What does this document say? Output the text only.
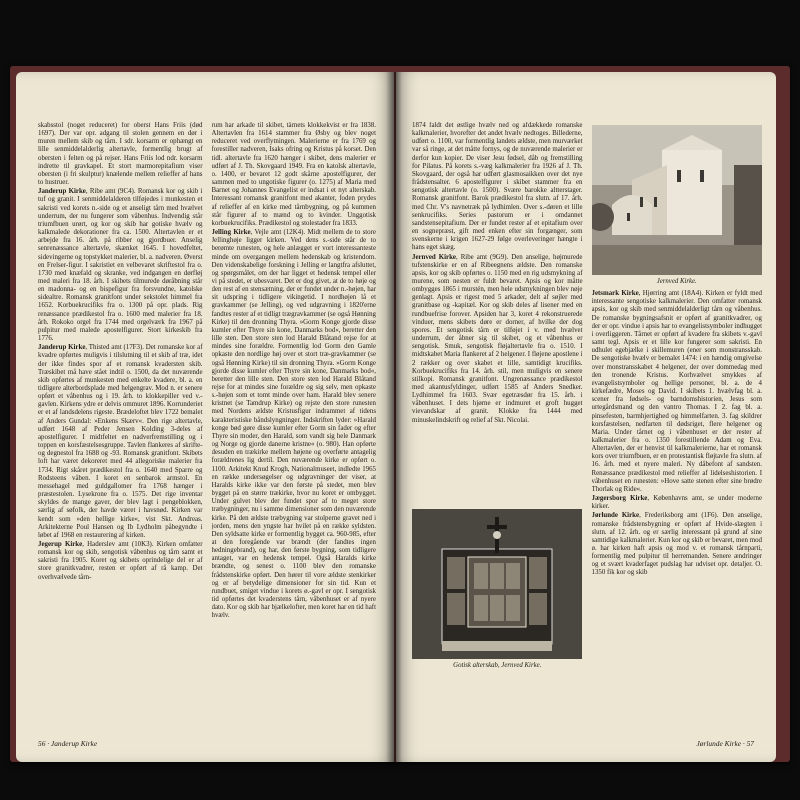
skabsstol (noget reduceret) for oberst Hans Friis (død 1697). Der var opr. adgang til stolen gennem en dør i muren mellem skib og tårn. I sdr. korsarm er ophængt en lille senmiddelalderlig altertavle, formentlig brugt af obersten i felten og på rejser. Hans Friis lod ndr. korsarm indrette til gravkapel. Et stort marmorepitafium viser obersten (i fri skulptur) knælende mellem relieffer af hans to hustruer.

Janderup Kirke, Ribe amt (9C4). Romansk kor og skib i tuf og granit. I senmiddelalderen tilføjedes i munkesten et sakristi ved korets n.-side og et anseligt tårn med hvælvet underrum, der nu fungerer som våbenhus. Indvendig står triumfbuen urørt, og kor og skib har gotiske hvælv og kalkmalede dekorationer fra ca. 1500. Altertavlen er et arbejde fra 16. årh. på ribber og gjordbuer. Anselig senrenæssance altertavle, skænket 1645. I hovedfeltet, sidevingerne og topstykket malerier, bl. a. nadveren. Øverst en Frelser-figur. I sakristiet en velbevaret skriftestol fra o. 1730 med knæfald og skranke, ved indgangen en dørfløj med maleri fra 18. årh. I skibets tilmurede døråbning står en madonna- og en bispefigur fra forsvundne, katolske sidealtre. Romansk granitfont under sekstolet himmel fra 1652. Korbuekrucifiks fra o. 1300 på opr. plads. Rig renæssance prædikestol fra o. 1600 med malerier fra 18. årh. Rokoko orgel fra 1744 med orgelværk fra 1967 på pulpitur med malede apostelfigurer. Stort kirkeskib fra 1776.

Janderup Kirke, Thisted amt (17F3). Det romanske kor af kvadre opførtes muligvis i tilslutning til et skib af træ, idet der ikke findes spor af et romansk kvadersten skib. Træskibet må have stået indtil o. 1500, da det nuværende skib opførtes af munkesten med enkelte kvadere, bl. a. en tidligere alterbordsplade med helgengrav. Mod n. er senere opført et våbenhus og i 19. årh. to klokkepiller ved v.-gavlen. Kirkens ydre er delvis ommuret 1896. Korrunderiet er et af landsdelens rigeste. Brædeloftet blev 1722 bemalet af Anders Gundal: »Enkens Skærv«. Den rige altertavle, udført 1648 af Peder Jensen Kolding 3-deles af apostelfigurer. I midtfeltet en nadverfremstilling og i toppen en korsfæstelsesgruppe. Tavlen flankeres af skrifte- og degnestol fra 1688 og -93. Romansk granitfont. Skibets loft har været dekoreret med 44 allegoriske malerier fra 1734. Rigt skåret prædikestol fra o. 1640 med Sparre og Rodsteens våben. I koret en senbarok armstol. En messehagel med guldgallomer fra 1768 hænger i præstestolen. Lysekrone fra o. 1575. Det rige inventar skyldes de mange gaver, der blev lagt i pengeblokken, særlig af søfolk, der havde været i havsnød. Kirken var kendt som »den hellige kirke«, vist Skt. Andreas. Arkitekterne Poul Hansen og Ib Lydholm påbegyndte i løbet af 1968 en restaurering af kirken.

Jegerup Kirke, Haderslev amt (10K3). Kirken omfatter romansk kor og skib, sengotisk våbenhus og tårn samt et sakristi fra 1905. Koret og skibets oprindelige del er af store granitkvadrer, resten er opført af rå kamp. Det overhvælvede tårn-

rum har arkade til skibet, tårnets klokkekvist er fra 1838. Altertavlen fra 1614 stammer fra Øsby og blev noget reduceret ved overflytningen. Malerierne er fra 1769 og forestiller nadveren, Isaks ofring og Kristus på korset. Den tidl. altertavle fra 1620 hænger i skibet, dens malerier er udført af J. Th. Skovgaard 1949. Fra en katolsk altertavle, o. 1400, er bevaret 12 godt skårne apostelfigurer, der sammen med to ungotiske figurer (o. 1275) af Maria med Barnet og Johannes Evangelist er indsat i et nyt alterskab. Interessant romansk granitfont med akanter, foden prydes af relieffer af en kirke med tårnbygning, og på kummen står figurer af to mænd og to kvinder. Unggotisk korbuekrucifiks. Prædikestol og stolestader fra 1833.

Jelling Kirke, Vejle amt (12K4). Midt mellem de to store Jellinghøje ligger kirken. Ved dens s.-side står de to berømte runesten, og hele anlægget er vort interessanteste minde om overgangen mellem hedenskab og kristendom. Den videnskabelige forskning i Jelling er langtfra afsluttet, og spørgsmålet, om der har ligget et hedensk tempel eller vi på stedet, er ubesvaret. Det er dog givet, at de to høje og den rest af en stensætning, der er fundet under n.-højen, har sit udspring i tidligere vikingetid. I nordhøjen lå et gravkammer (se Jelling), og ved udgravning i 1820'erne fandtes rester af et tidligt trægravkammer (se også Hønning Kirke) til den dronning Thyra. »Gorm Konge gjorde disse kumler efter Thyre sin kone, Danmarks bod«, beretter den lille sten. Den store sten lod Harald Blåtand rejse for at mindes sine forældre. Formentlig lod Gorm den Gamle opkaste den nordlige høj over et stort træ-gravkammer (se også Hønning Kirke) til sin dronning Thyra. »Gorm Konge gjorde disse kumler efter Thyre sin kone, Danmarks bod«, beretter den lille sten. Den store sten lod Harald Blåtand rejse for at mindes sine forældre og sig selv, men opkaste s.-højen som et tomt minde over ham. Harald blev senere kristnet (se Tamdrup Kirke) og rejste den store runesten med Nordens ældste Kristusfigur indrammet af tidens karakteristiske båndslyngninger. Indskriften lyder: »Harald konge bød gøre disse kumler efter Gorm sin fader og efter Thyre sin moder, den Harald, som vandt sig hele Danmark og Norge og gjorde danerne kristne« (o. 980). Han opførte desuden en trækirke mellem højene og overførte antagelig forældrenes lig dertil. Den nuværende kirke er opført o. 1100. Arkitekt Knud Krogh, Nationalmuseet, indledte 1965 en række undersøgelser og udgravninger der viser, at Haralds kirke ikke var den første på stedet, men blev bygget på en større trækirke, hvor nu koret er ombygget. Under gulvet blev der fundet spor af to meget store træbygninger, nu i samme dimensioner som den nuværende kirke. På den ældste træbygning var stolperne gravet ned i jorden, mens den yngste har hvilet på en række syldsten. Den syldsatte kirke er formentlig bygget ca. 960-985, efter at den foregående var brændt (der fandtes ingen hedningebrand), og har, den første bygning, som tidligere antaget, var en hedensk tempel. Også Haralds kirke brændte, og senest o. 1100 blev den romanske frådstenskirke opført. Den hører til vore ældste stenkirker og er af betydelige dimensioner for sin tid. Kun et rundbuet, smiget vindue i korets ø.-gavl er opr. I sengotisk tid opførtes det kvaderstens tårn, våbenhuset er af nyere dato. Kor og skib har bjælkelofter, men koret har en tid haft hvælv.

56 · Janderup Kirke

1874 faldt det østlige hvælv ned og afdækkede romanske kalkmalerier, hvorefter det andet hvælv nedtoges. Billederne, udført o. 1100, var formentlig landets ældste, men murværket var så ringe, at det måtte fornys, og de nuværende malerier er derfor kun kopier. De viser Jesu fødsel, dåb og fremstilling for Pilatus. På korets s.-væg kalkmalerier fra 1926 af J. Th. Skovgaard, der også har udført glasmosaikken over det nye frådstensalter. 6 apostelfigurer i skibet stammer fra en sengotisk altertavle (o. 1500). Svære barokke altterstager. Romansk granitfont. Barok prædikestol fra slutn. af 17. årh. med Chr. V's navnetræk på lydhimlen. Over s.-døren et lille senkrucifiks. Series pastorum er i omdannet sandstensepitafium. Der er fundet rester af et epitafium over en sognepræst, gift med enken efter sin forgænger, som svenskerne i krigen 1627-29 følge overleveringer hængte i hans eget skæg.

Jernved Kirke, Ribe amt (9G9). Den anselige, højmurede tufstenskirke er en af Ribeegnens ældste. Den romanske apsis, kor og skib opførtes o. 1150 med en rig udsmykning af murene, som nesten er fuldt bevaret. Apsis og kor måtte ombygges 1865 i murstén, men hele udsmykningen blev nøje genlagt. Apsis er rigest med 5 arkader, delt af søjler med granitbase og -kapitæl. Kor og skib deles af lisener med en rundbuefrise forover. Apsiden har 3, koret 4 rekonstruerede vinduer, mens skibets døre er dorner, af hvilke der dog spores. Et sengotisk tårn er tilføjet i v. med hvælvet underrum, der åbner sig til skibet, og et våbenhus er sengotisk. Smuk, sengotisk fløjaltertavle fra o. 1510. I midtskabet Maria flankeret af 2 helgener. I fløjene apostlene i 2 rækker og over skabet et lille, samtidigt krucifiks. Korbuekrucifiks fra 14. årh. stil, men muligvis en senere stilkopi. Romansk granitfont. Ungrenæssance prædikestol med akantusfyldinger, udført 1585 af Anders Snedker. Lydhimmel fra 1603. Svær egetræsdør fra 15. årh. i våbenhuset. I dets hjørne er indmuret et groft hugget vievandskar af granit. Klokke fra 1444 med minuskelindskrift og relief af Skt. Nicolai.

Gotisk alterskab, Jernved Kirke.
Jernved Kirke.

Jetsmark Kirke, Hjørring amt (18A4). Kirken er fyldt med interessante sengotiske kalkmalerier. Den omfatter romansk apsis, kor og skib med senmiddelalderligt tårn og våbenhus. De romanske bygningsafsnit er opført af granitkvadrer, og der er opr. vindue i apsis har to evangelistsymboler indhugget i overliggeren. Tårnet er opført af kvadere fra skibets v.-gavl samt tegl. Apsis er et lille kor fungerer som sakristi. En udhulet egebjælke i skillemuren (ener som monstransskab. De sengotiske hvælv er bemalet 1474: i en hændig omgivelse over monstransskabet 4 helgener, der over dommedag med den tronende Kristus. Korhvælvet smykkes af evangelistsymboler og hellige personer, bl. a. de 4 kirkefædre, Moses og David. I skibets 1. hvælvfag bl. a. scener fra fødsels- og barndomshistorien, Jesus som urtegårdsmand og den vantro Thomas. I 2. fag bl. a. pinsefesten, barmhjertighed og himmelfarten. 3. fag skildrer korsfæstelsen, nedfarten til dødsriget, flere helgener og Maria. Under tårnet og i våbenhuset er der rester af kalkmalerier fra o. 1350 forestillende Adam og Eva. Altertavlen, der er henvist til kalkmalerierne, har et romansk kors over triumfbuen, er en protestantisk fløjtavle fra slutn. af 16. årh. med et nyere maleri. Ny dåbefont af sandsten. Renæssance prædikestol med relieffer af lidelseshistorien. I våbenhuset en runesten: »Hove satte stenen efter sine brødre Thorlak og Ride«.

Jægersborg Kirke, Københavns amt, se under moderne kirker.

Jørlunde Kirke, Frederiksborg amt (1F6). Den anselige, romanske frådstensbygning er opført af Hvide-slægten i slutn. af 12. årh. og er særlig interessant på grund af sine samtidige kalkmalerier. Kun kor og skib er bevaret, men mod ø. har kirken haft apsis og mod v. et romansk tårnparti, formentlig med pulpitur til herremanden. Senere ændringer og et svært kvaderfaget pudslag har udviset opr. detaljer. O. 1350 fik kor og skib

Jørlunde Kirke · 57
